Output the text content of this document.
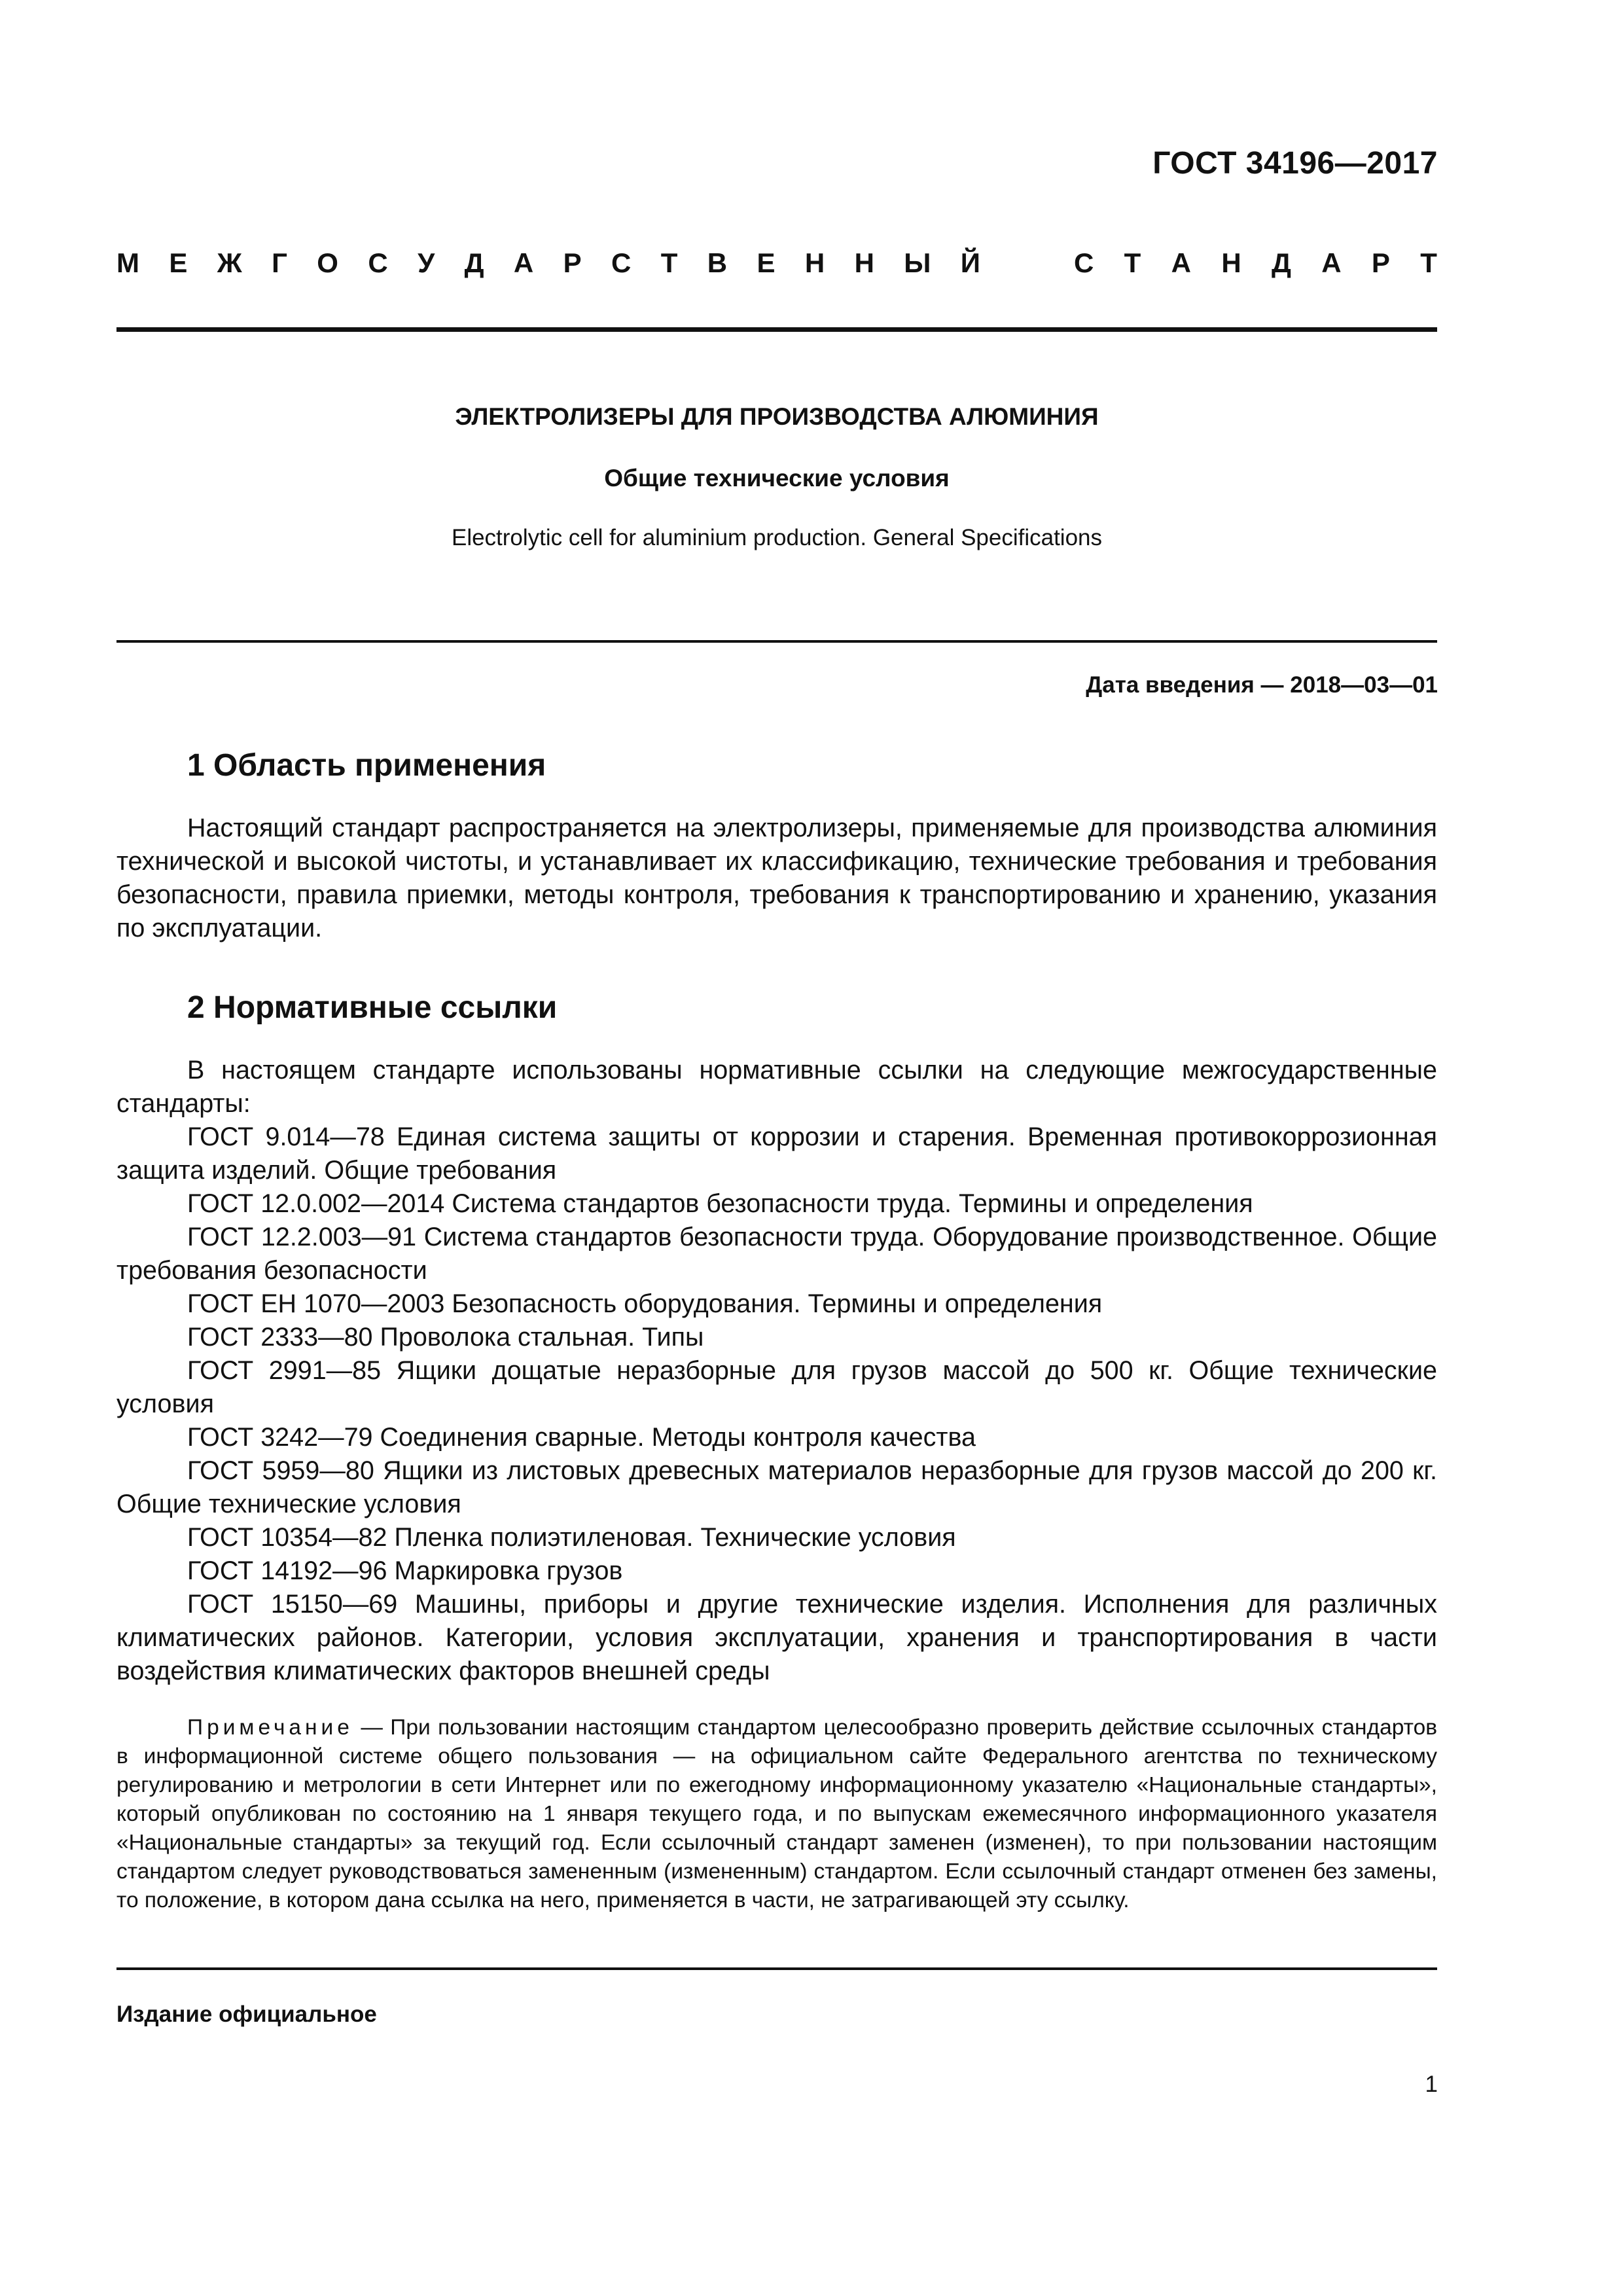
ГОСТ 34196—2017
М Е Ж Г О С У Д А Р С Т В Е Н Н Ы Й	С Т А Н Д А Р Т
ЭЛЕКТРОЛИЗЕРЫ ДЛЯ ПРОИЗВОДСТВА АЛЮМИНИЯ
Общие технические условия
Electrolytic cell for aluminium production. General Specifications
Дата введения — 2018—03—01
1 Область применения

Настоящий стандарт распространяется на электролизеры, применяемые для производства алюминия технической и высокой чистоты, и устанавливает их классификацию, технические требования и требования безопасности, правила приемки, методы контроля, требования к транспортированию и хранению, указания по эксплуатации.

2 Нормативные ссылки

В настоящем стандарте использованы нормативные ссылки на следующие межгосударственные стандарты:

ГОСТ 9.014—78 Единая система защиты от коррозии и старения. Временная противокоррозионная защита изделий. Общие требования

ГОСТ 12.0.002—2014 Система стандартов безопасности труда. Термины и определения

ГОСТ 12.2.003—91 Система стандартов безопасности труда. Оборудование производственное. Общие требования безопасности

ГОСТ ЕН 1070—2003 Безопасность оборудования. Термины и определения

ГОСТ 2333—80 Проволока стальная. Типы

ГОСТ 2991—85 Ящики дощатые неразборные для грузов массой до 500 кг. Общие технические условия

ГОСТ 3242—79 Соединения сварные. Методы контроля качества

ГОСТ 5959—80 Ящики из листовых древесных материалов неразборные для грузов массой до 200 кг. Общие технические условия

ГОСТ 10354—82 Пленка полиэтиленовая. Технические условия

ГОСТ 14192—96 Маркировка грузов

ГОСТ 15150—69 Машины, приборы и другие технические изделия. Исполнения для различных климатических районов. Категории, условия эксплуатации, хранения и транспортирования в части воздействия климатических факторов внешней среды

Примечание — При пользовании настоящим стандартом целесообразно проверить действие ссылочных стандартов в информационной системе общего пользования — на официальном сайте Федерального агентства по техническому регулированию и метрологии в сети Интернет или по ежегодному информационному указателю «Национальные стандарты», который опубликован по состоянию на 1 января текущего года, и по выпускам ежемесячного информационного указателя «Национальные стандарты» за текущий год. Если ссылочный стандарт заменен (изменен), то при пользовании настоящим стандартом следует руководствоваться замененным (измененным) стандартом. Если ссылочный стандарт отменен без замены, то положение, в котором дана ссылка на него, применяется в части, не затрагивающей эту ссылку.
Издание официальное
1
